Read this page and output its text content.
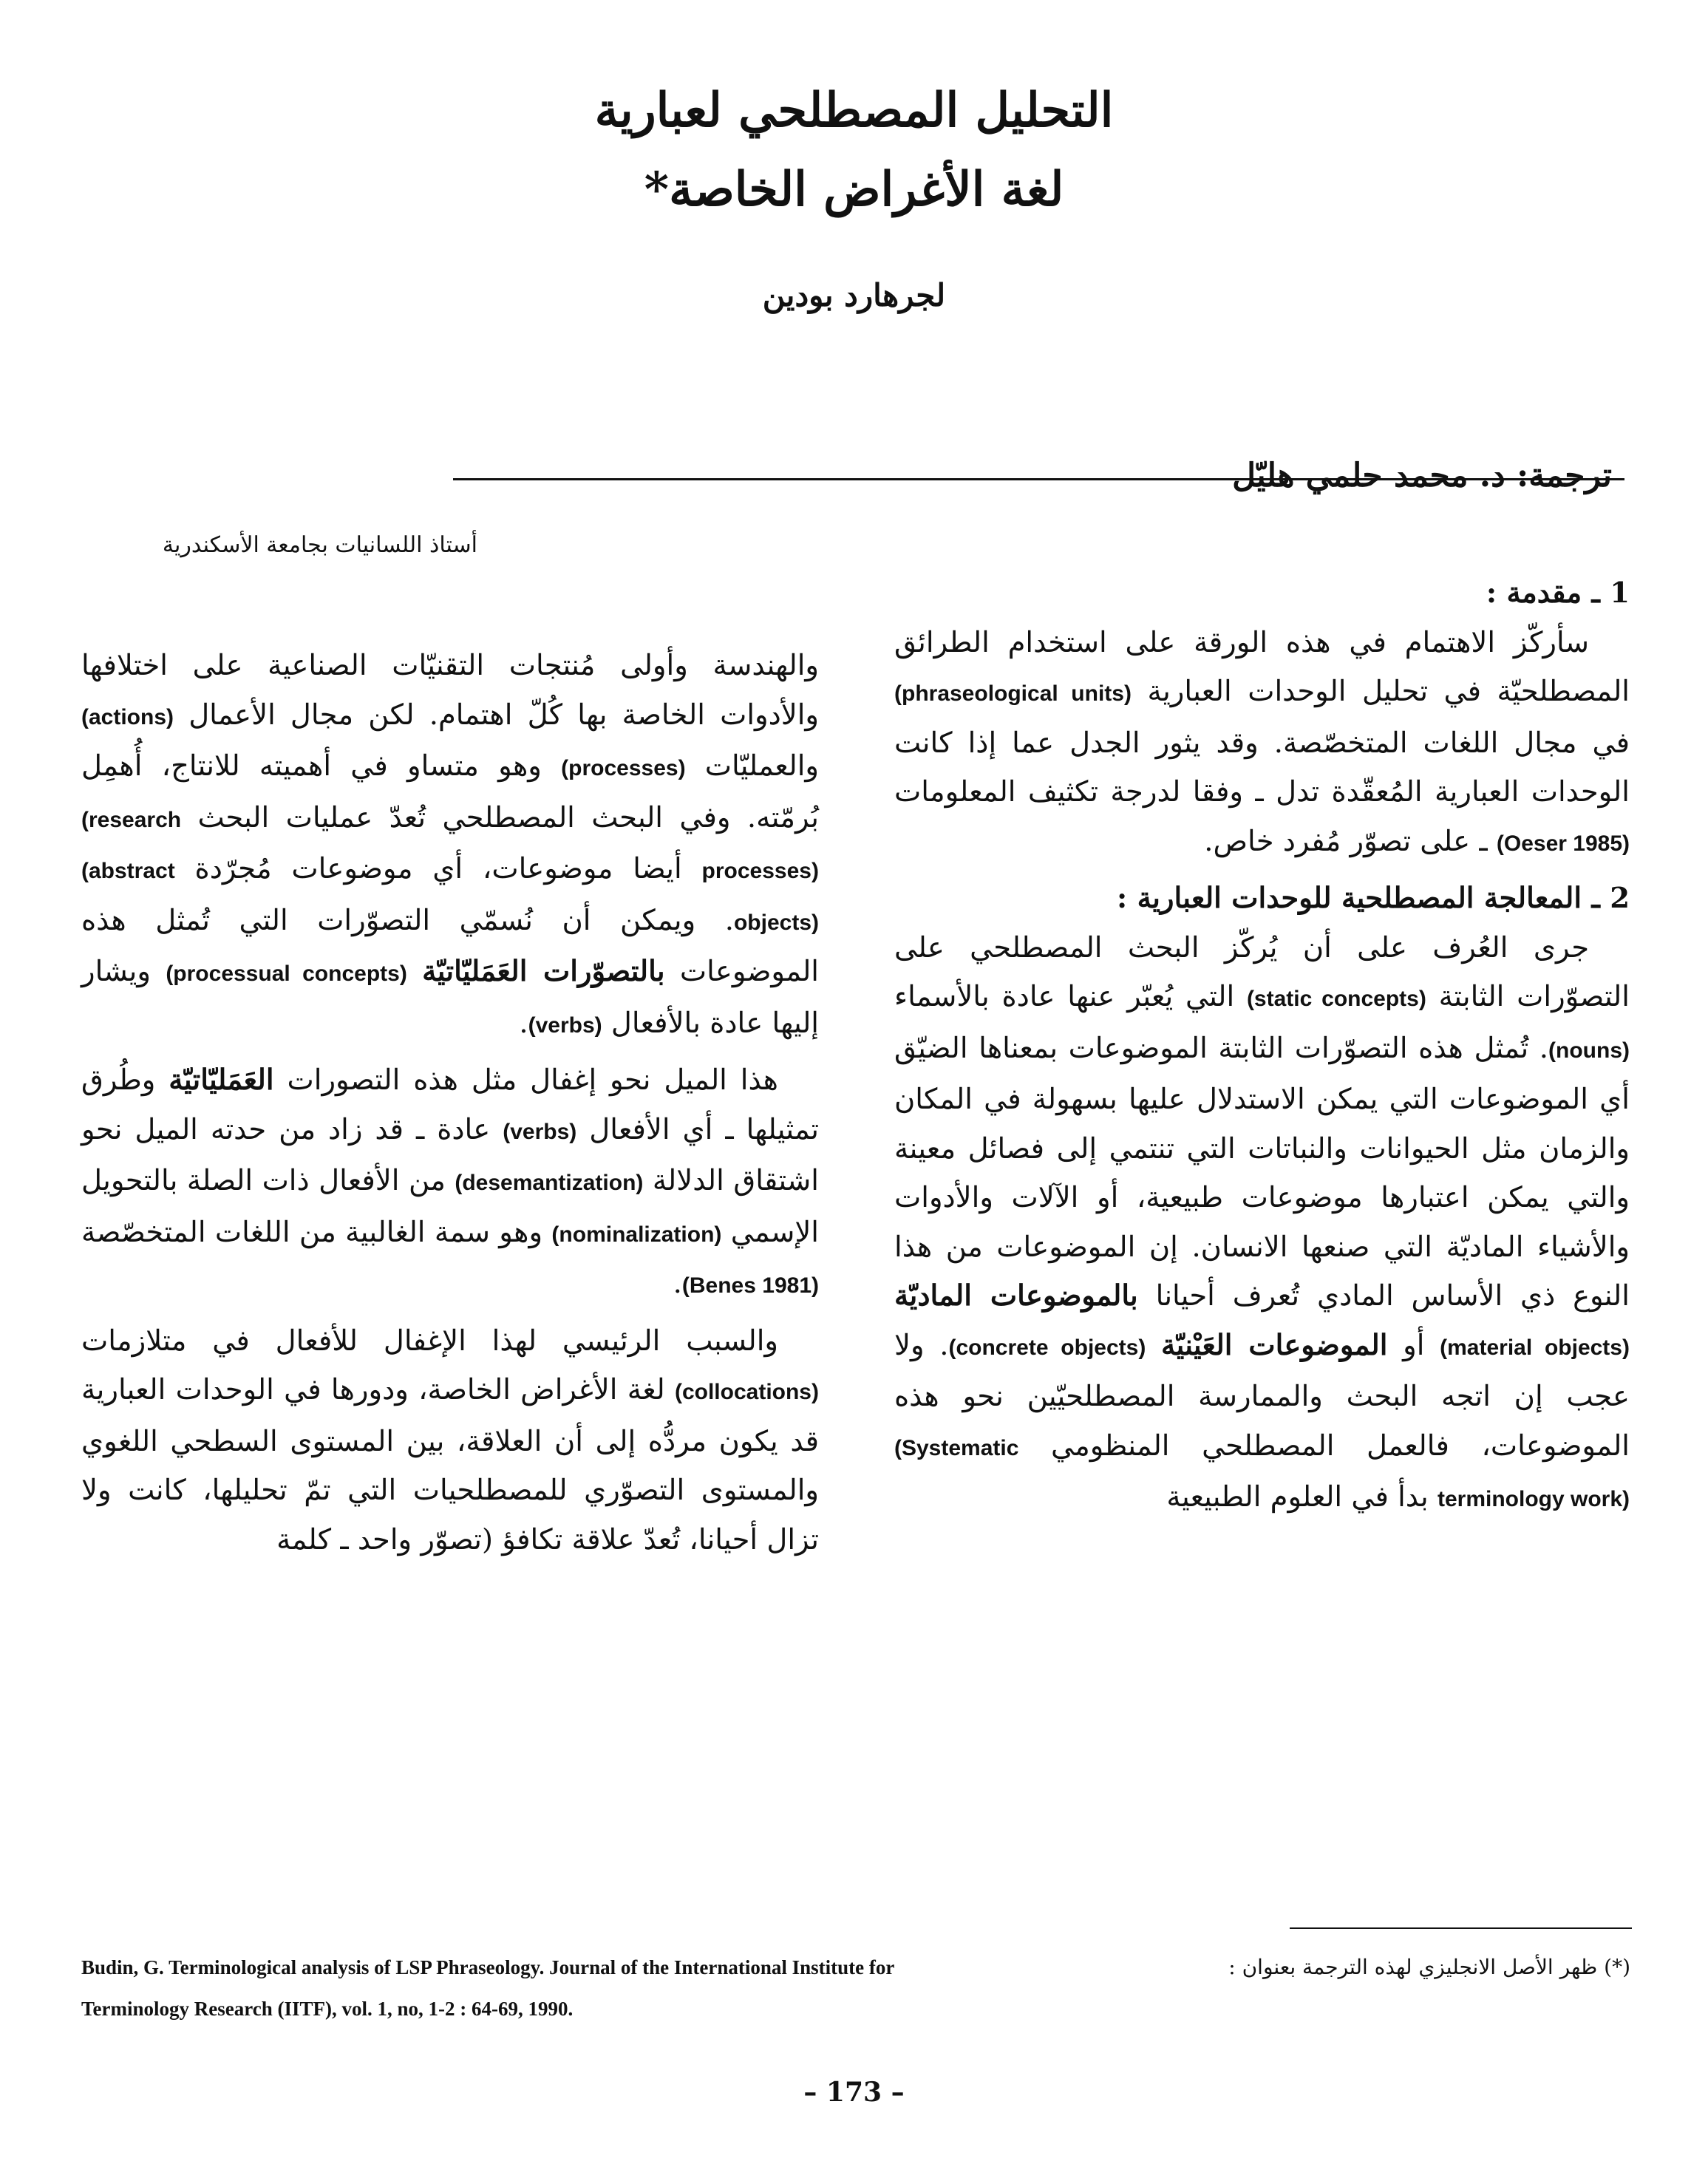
التحليل المصطلحي لعبارية
لغة الأغراض الخاصة*
لجرهارد بودين
ترجمة: د. محمد حلمي هليّل
أستاذ اللسانيات بجامعة الأسكندرية

1 ـ مقدمة :

سأركّز الاهتمام في هذه الورقة على استخدام الطرائق المصطلحيّة في تحليل الوحدات العبارية (phraseological units) في مجال اللغات المتخصّصة. وقد يثور الجدل عما إذا كانت الوحدات العبارية المُعقّدة تدل ـ وفقا لدرجة تكثيف المعلومات (Oeser 1985) ـ على تصوّر مُفرد خاص.

2 ـ المعالجة المصطلحية للوحدات العبارية :

جرى العُرف على أن يُركّز البحث المصطلحي على التصوّرات الثابتة (static concepts) التي يُعبّر عنها عادة بالأسماء (nouns). تُمثل هذه التصوّرات الثابتة الموضوعات بمعناها الضيّق أي الموضوعات التي يمكن الاستدلال عليها بسهولة في المكان والزمان مثل الحيوانات والنباتات التي تنتمي إلى فصائل معينة والتي يمكن اعتبارها موضوعات طبيعية، أو الآلات والأدوات والأشياء الماديّة التي صنعها الانسان. إن الموضوعات من هذا النوع ذي الأساس المادي تُعرف أحيانا بالموضوعات الماديّة (material objects) أو الموضوعات العَيْنيّة (concrete objects). ولا عجب إن اتجه البحث والممارسة المصطلحيّين نحو هذه الموضوعات، فالعمل المصطلحي المنظومي (Systematic terminology work) بدأ في العلوم الطبيعية

والهندسة وأولى مُنتجات التقنيّات الصناعية على اختلافها والأدوات الخاصة بها كُلّ اهتمام. لكن مجال الأعمال (actions) والعمليّات (processes) وهو متساو في أهميته للانتاج، أُهمِل بُرمّته. وفي البحث المصطلحي تُعدّ عمليات البحث (research processes) أيضا موضوعات، أي موضوعات مُجرّدة (abstract objects). ويمكن أن نُسمّي التصوّرات التي تُمثل هذه الموضوعات بالتصوّرات العَمَليّاتيّة (processual concepts) ويشار إليها عادة بالأفعال (verbs).

هذا الميل نحو إغفال مثل هذه التصورات العَمَليّاتيّة وطُرق تمثيلها ـ أي الأفعال (verbs) عادة ـ قد زاد من حدته الميل نحو اشتقاق الدلالة (desemantization) من الأفعال ذات الصلة بالتحويل الإسمي (nominalization) وهو سمة الغالبية من اللغات المتخصّصة (Benes 1981).

والسبب الرئيسي لهذا الإغفال للأفعال في متلازمات (collocations) لغة الأغراض الخاصة، ودورها في الوحدات العبارية قد يكون مردُّه إلى أن العلاقة، بين المستوى السطحي اللغوي والمستوى التصوّري للمصطلحيات التي تمّ تحليلها، كانت ولا تزال أحيانا، تُعدّ علاقة تكافؤ (تصوّر واحد ـ كلمة

(*) ظهر الأصل الانجليزي لهذه الترجمة بعنوان :
Budin, G. Terminological analysis of LSP Phraseology. Journal of the International Institute for
Terminology Research (IITF), vol. 1, no, 1-2 : 64-69, 1990.
– 173 –
